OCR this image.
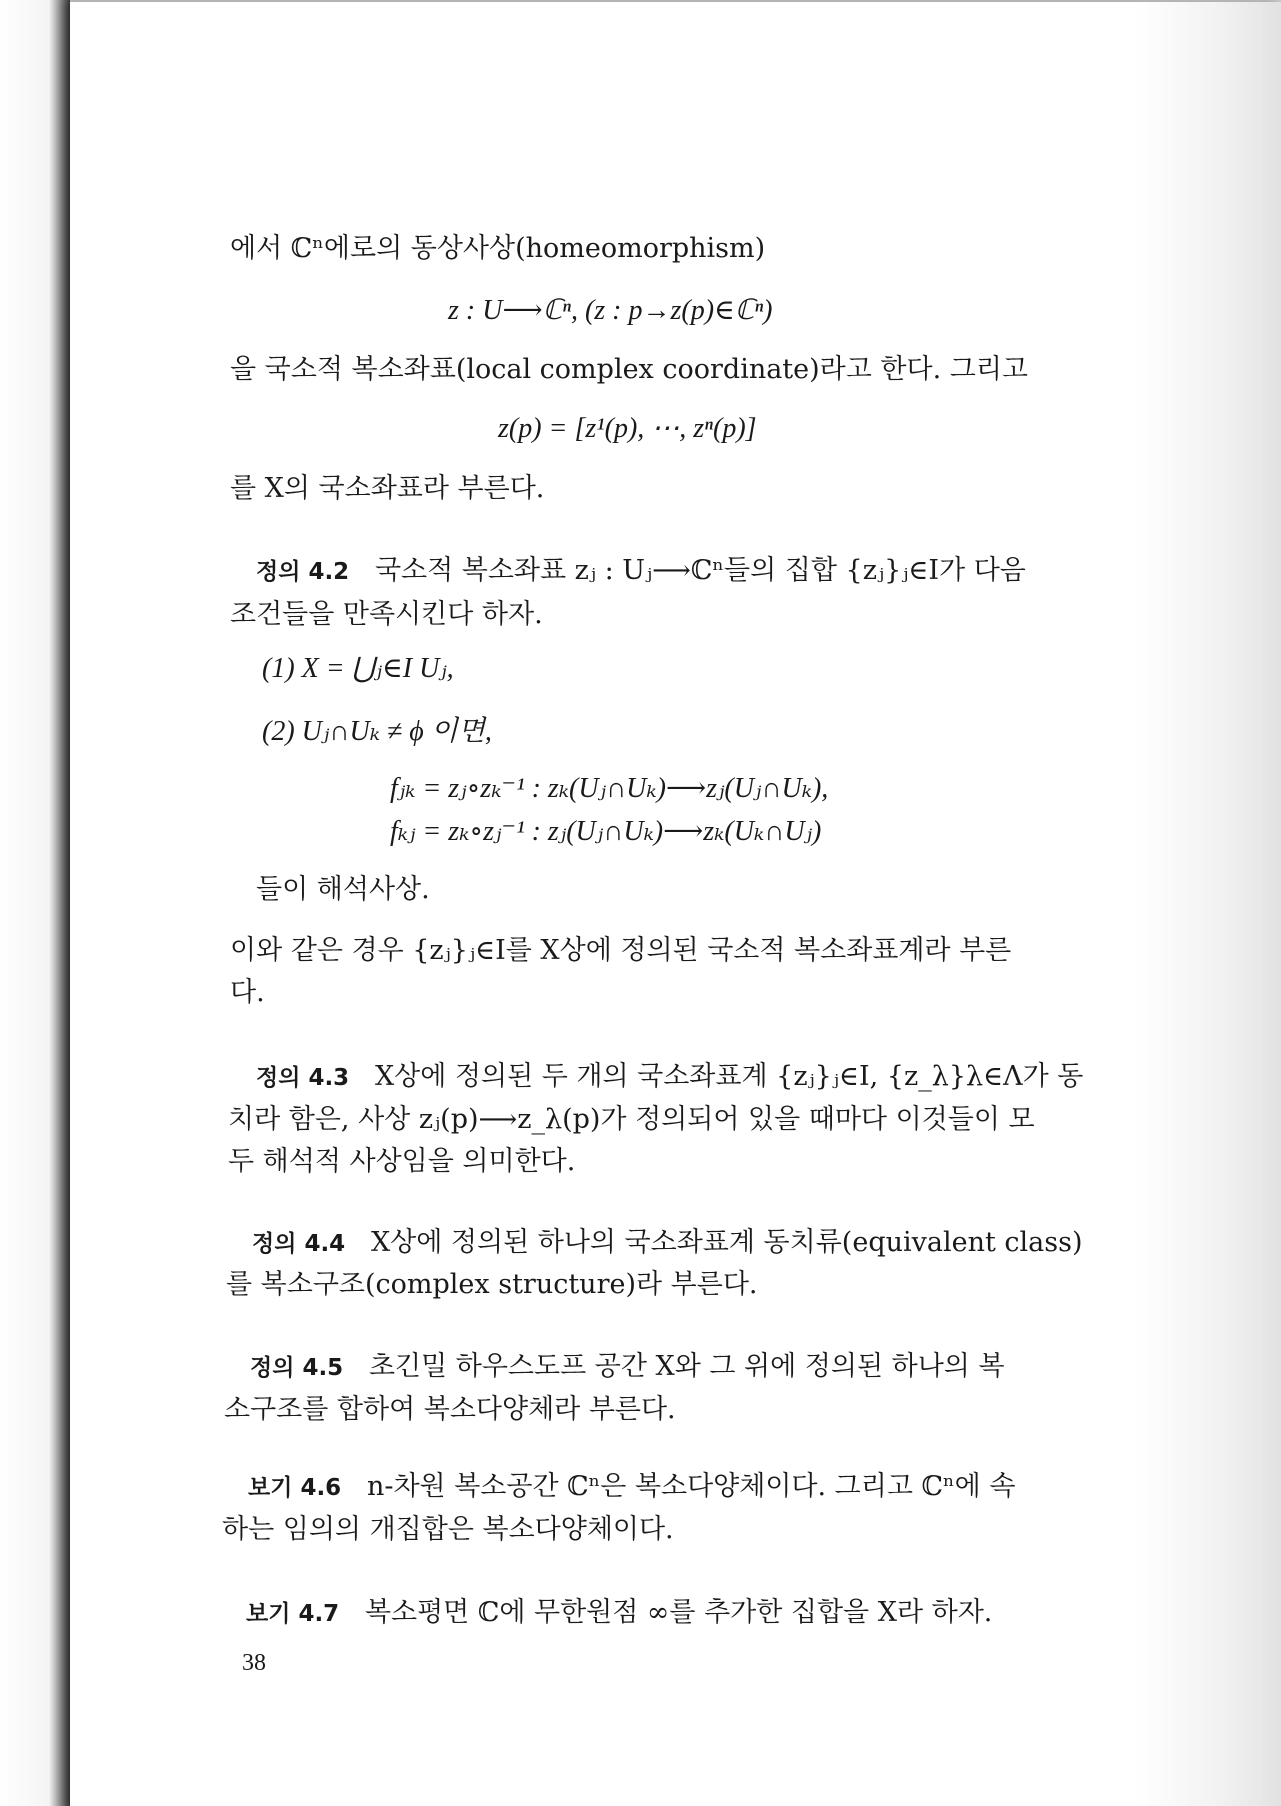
에서 ℂⁿ에로의 동상사상(homeomorphism)
z : U⟶ℂⁿ, (z : p→z(p)∈ℂⁿ)
을 국소적 복소좌표(local complex coordinate)라고 한다. 그리고
z(p) = [z¹(p), ⋯, zⁿ(p)]
를 X의 국소좌표라 부른다.
정의 4.2 국소적 복소좌표 zⱼ : Uⱼ⟶ℂⁿ들의 집합 {zⱼ}ⱼ∈I가 다음
조건들을 만족시킨다 하자.
(1) X = ⋃ⱼ∈I Uⱼ,
(2) Uⱼ∩Uₖ ≠ ϕ 이면,
fⱼₖ = zⱼ∘zₖ⁻¹ : zₖ(Uⱼ∩Uₖ)⟶zⱼ(Uⱼ∩Uₖ),
fₖⱼ = zₖ∘zⱼ⁻¹ : zⱼ(Uⱼ∩Uₖ)⟶zₖ(Uₖ∩Uⱼ)
들이 해석사상.
이와 같은 경우 {zⱼ}ⱼ∈I를 X상에 정의된 국소적 복소좌표계라 부른
다.
정의 4.3 X상에 정의된 두 개의 국소좌표계 {zⱼ}ⱼ∈I, {z_λ}λ∈Λ가 동
치라 함은, 사상 zⱼ(p)⟶z_λ(p)가 정의되어 있을 때마다 이것들이 모
두 해석적 사상임을 의미한다.
정의 4.4 X상에 정의된 하나의 국소좌표계 동치류(equivalent class)
를 복소구조(complex structure)라 부른다.
정의 4.5 초긴밀 하우스도프 공간 X와 그 위에 정의된 하나의 복
소구조를 합하여 복소다양체라 부른다.
보기 4.6 n-차원 복소공간 ℂⁿ은 복소다양체이다. 그리고 ℂⁿ에 속
하는 임의의 개집합은 복소다양체이다.
보기 4.7 복소평면 ℂ에 무한원점 ∞를 추가한 집합을 X라 하자.
38
